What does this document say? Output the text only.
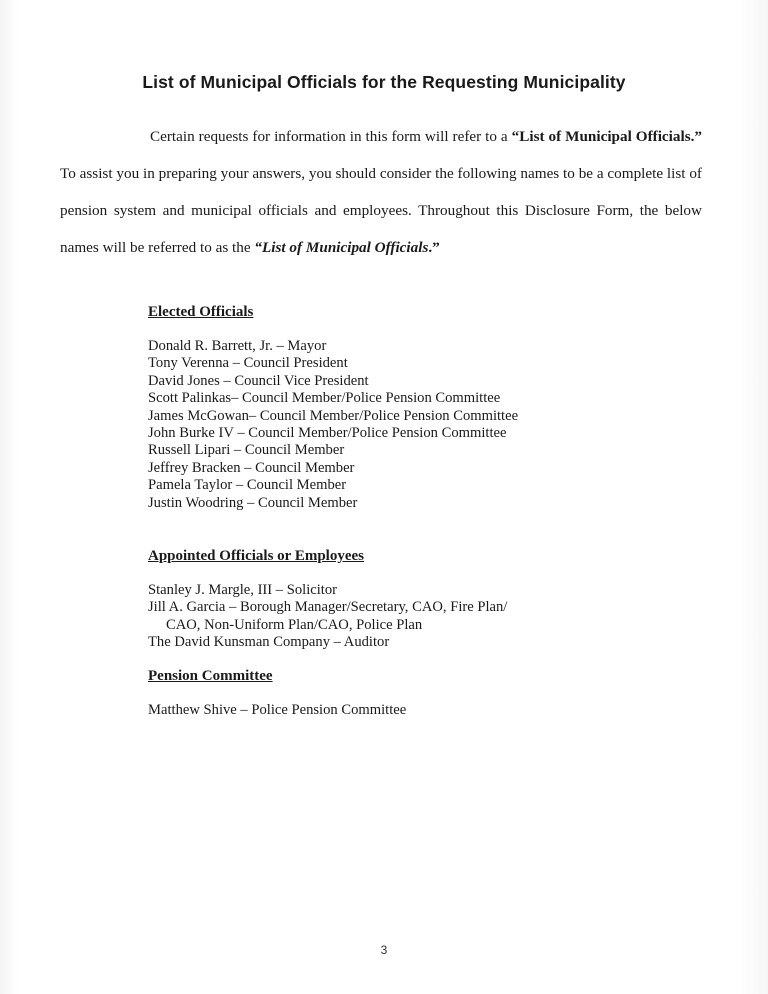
List of Municipal Officials for the Requesting Municipality

Certain requests for information in this form will refer to a “List of Municipal Officials.” To assist you in preparing your answers, you should consider the following names to be a complete list of pension system and municipal officials and employees. Throughout this Disclosure Form, the below names will be referred to as the “List of Municipal Officials.”

Elected Officials

Donald R. Barrett, Jr. – Mayor
Tony Verenna – Council President
David Jones – Council Vice President
Scott Palinkas– Council Member/Police Pension Committee
James McGowan– Council Member/Police Pension Committee
John Burke IV – Council Member/Police Pension Committee
Russell Lipari – Council Member
Jeffrey Bracken – Council Member
Pamela Taylor – Council Member
Justin Woodring – Council Member

Appointed Officials or Employees

Stanley J. Margle, III – Solicitor
Jill A. Garcia – Borough Manager/Secretary, CAO, Fire Plan/
CAO, Non-Uniform Plan/CAO, Police Plan
The David Kunsman Company – Auditor

Pension Committee

Matthew Shive – Police Pension Committee
3
